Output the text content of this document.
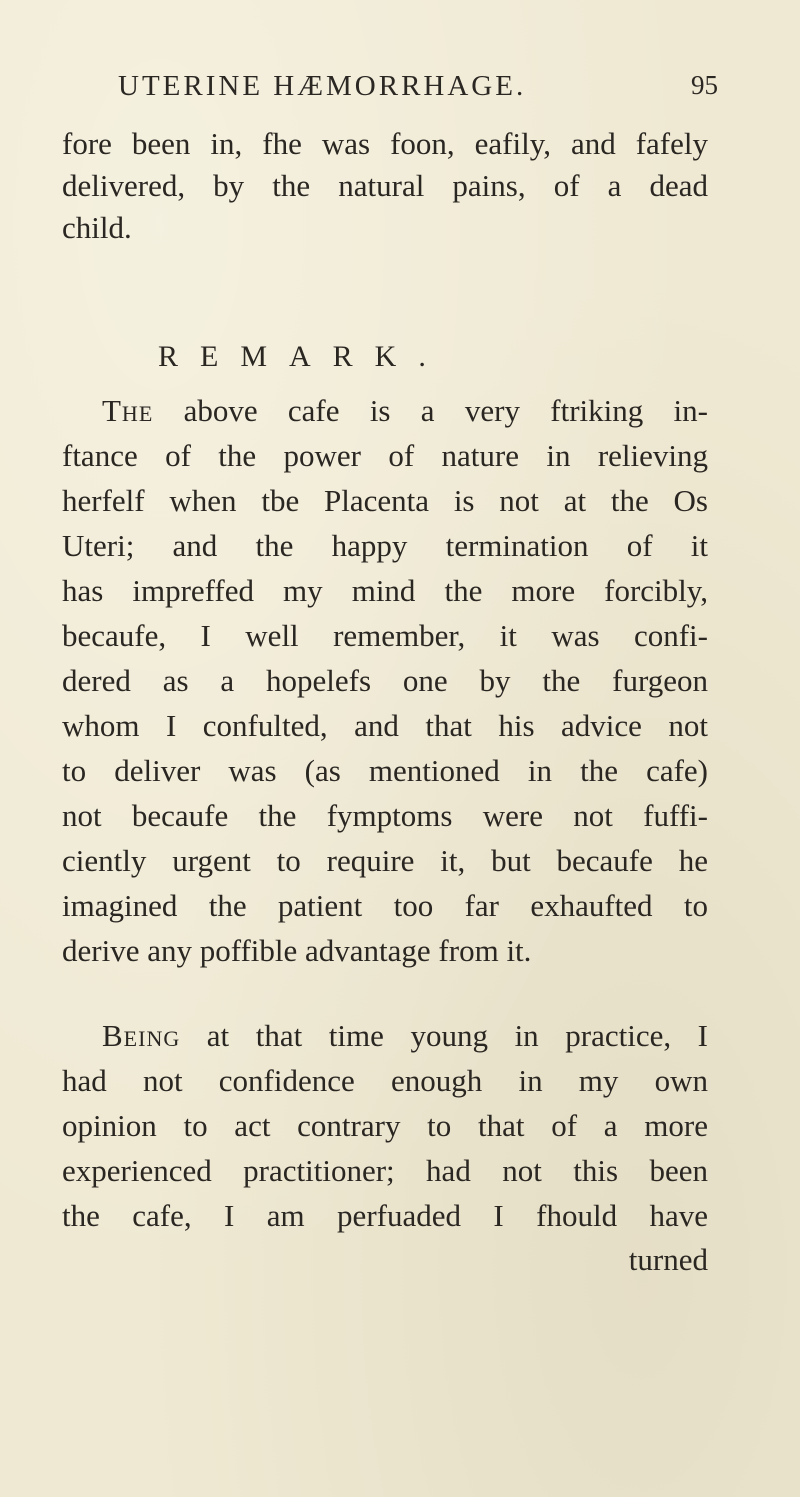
UTERINE HÆMORRHAGE.	95
fore been in, fhe was foon, eafily, and fafely
delivered, by the natural pains, of a dead
child.
REMARK.
The above cafe is a very ftriking in-
ftance of the power of nature in relieving
herfelf when tbe Placenta is not at the Os
Uteri; and the happy termination of it
has impreffed my mind the more forcibly,
becaufe, I well remember, it was confi-
dered as a hopelefs one by the furgeon
whom I confulted, and that his advice not
to deliver was (as mentioned in the cafe)
not becaufe the fymptoms were not fuffi-
ciently urgent to require it, but becaufe he
imagined the patient too far exhaufted to
derive any poffible advantage from it.
Being at that time young in practice, I
had not confidence enough in my own
opinion to act contrary to that of a more
experienced practitioner; had not this been
the cafe, I am perfuaded I fhould have
turned
